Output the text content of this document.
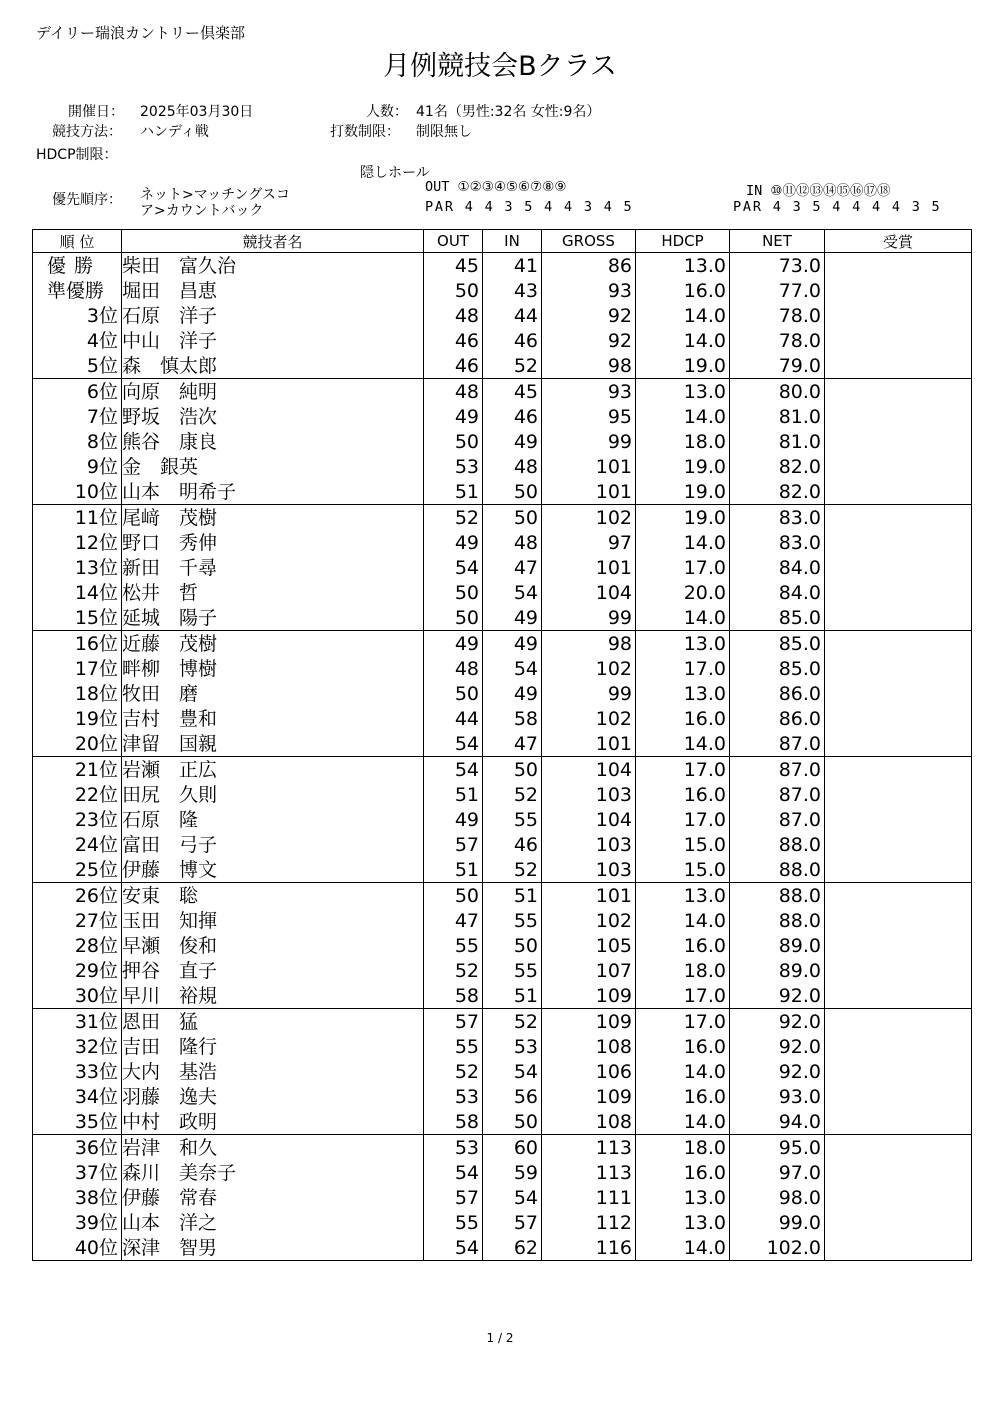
デイリー瑞浪カントリー倶楽部
月例競技会Bクラス
開催日： 2025年03月30日
競技方法： ハンディ戦
人数： 41名（男性:32名 女性:9名）
打数制限： 制限無し
HDCP制限：
隠しホール
優先順序： ネット>マッチングスコ
ア>カウントバック
OUT ①②③④⑤⑥⑦⑧⑨
PAR 4 4 3 5 4 4 3 4 5
IN ⑩⑪⑫⑬⑭⑮⑯⑰⑱
PAR 4 3 5 4 4 4 4 3 5
順 位	競技者名	OUT	IN	GROSS	HDCP	NET	受賞
優 勝	柴田　富久治	45	41	86	13.0	73.0	
準優勝	堀田　昌恵	50	43	93	16.0	77.0	
3位	石原　洋子	48	44	92	14.0	78.0	
4位	中山　洋子	46	46	92	14.0	78.0	
5位	森　慎太郎	46	52	98	19.0	79.0	
6位	向原　純明	48	45	93	13.0	80.0	
7位	野坂　浩次	49	46	95	14.0	81.0	
8位	熊谷　康良	50	49	99	18.0	81.0	
9位	金　銀英	53	48	101	19.0	82.0	
10位	山本　明希子	51	50	101	19.0	82.0	
11位	尾﨑　茂樹	52	50	102	19.0	83.0	
12位	野口　秀伸	49	48	97	14.0	83.0	
13位	新田　千尋	54	47	101	17.0	84.0	
14位	松井　哲	50	54	104	20.0	84.0	
15位	延城　陽子	50	49	99	14.0	85.0	
16位	近藤　茂樹	49	49	98	13.0	85.0	
17位	畔柳　博樹	48	54	102	17.0	85.0	
18位	牧田　磨	50	49	99	13.0	86.0	
19位	吉村　豊和	44	58	102	16.0	86.0	
20位	津留　国親	54	47	101	14.0	87.0	
21位	岩瀬　正広	54	50	104	17.0	87.0	
22位	田尻　久則	51	52	103	16.0	87.0	
23位	石原　隆	49	55	104	17.0	87.0	
24位	富田　弓子	57	46	103	15.0	88.0	
25位	伊藤　博文	51	52	103	15.0	88.0	
26位	安東　聡	50	51	101	13.0	88.0	
27位	玉田　知揮	47	55	102	14.0	88.0	
28位	早瀬　俊和	55	50	105	16.0	89.0	
29位	押谷　直子	52	55	107	18.0	89.0	
30位	早川　裕規	58	51	109	17.0	92.0	
31位	恩田　猛	57	52	109	17.0	92.0	
32位	吉田　隆行	55	53	108	16.0	92.0	
33位	大内　基浩	52	54	106	14.0	92.0	
34位	羽藤　逸夫	53	56	109	16.0	93.0	
35位	中村　政明	58	50	108	14.0	94.0	
36位	岩津　和久	53	60	113	18.0	95.0	
37位	森川　美奈子	54	59	113	16.0	97.0	
38位	伊藤　常春	57	54	111	13.0	98.0	
39位	山本　洋之	55	57	112	13.0	99.0	
40位	深津　智男	54	62	116	14.0	102.0	
1 / 2
